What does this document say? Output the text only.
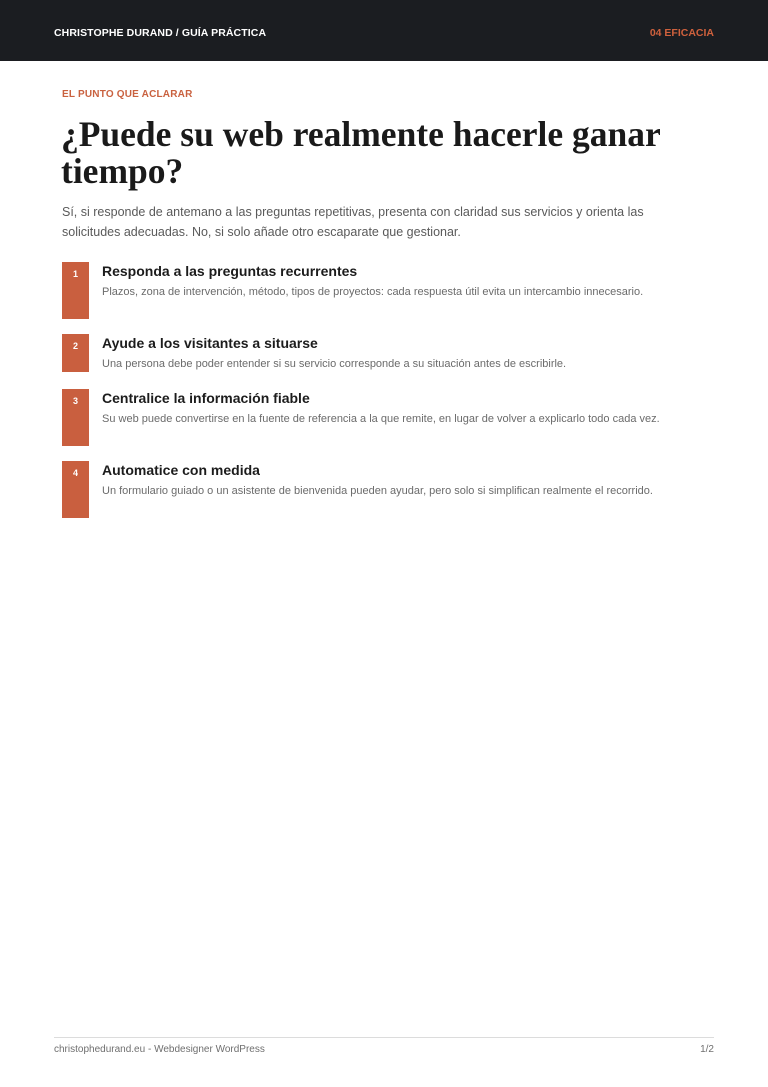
CHRISTOPHE DURAND / GUÍA PRÁCTICA	04 EFICACIA
EL PUNTO QUE ACLARAR
¿Puede su web realmente hacerle ganar tiempo?

Sí, si responde de antemano a las preguntas repetitivas, presenta con claridad sus servicios y orienta las solicitudes adecuadas. No, si solo añade otro escaparate que gestionar.

1	Responda a las preguntas recurrentes
Plazos, zona de intervención, método, tipos de proyectos: cada respuesta útil evita un intercambio innecesario.
2	Ayude a los visitantes a situarse
Una persona debe poder entender si su servicio corresponde a su situación antes de escribirle.
3	Centralice la información fiable
Su web puede convertirse en la fuente de referencia a la que remite, en lugar de volver a explicarlo todo cada vez.
4	Automatice con medida
Un formulario guiado o un asistente de bienvenida pueden ayudar, pero solo si simplifican realmente el recorrido.
christophedurand.eu - Webdesigner WordPress	1/2
